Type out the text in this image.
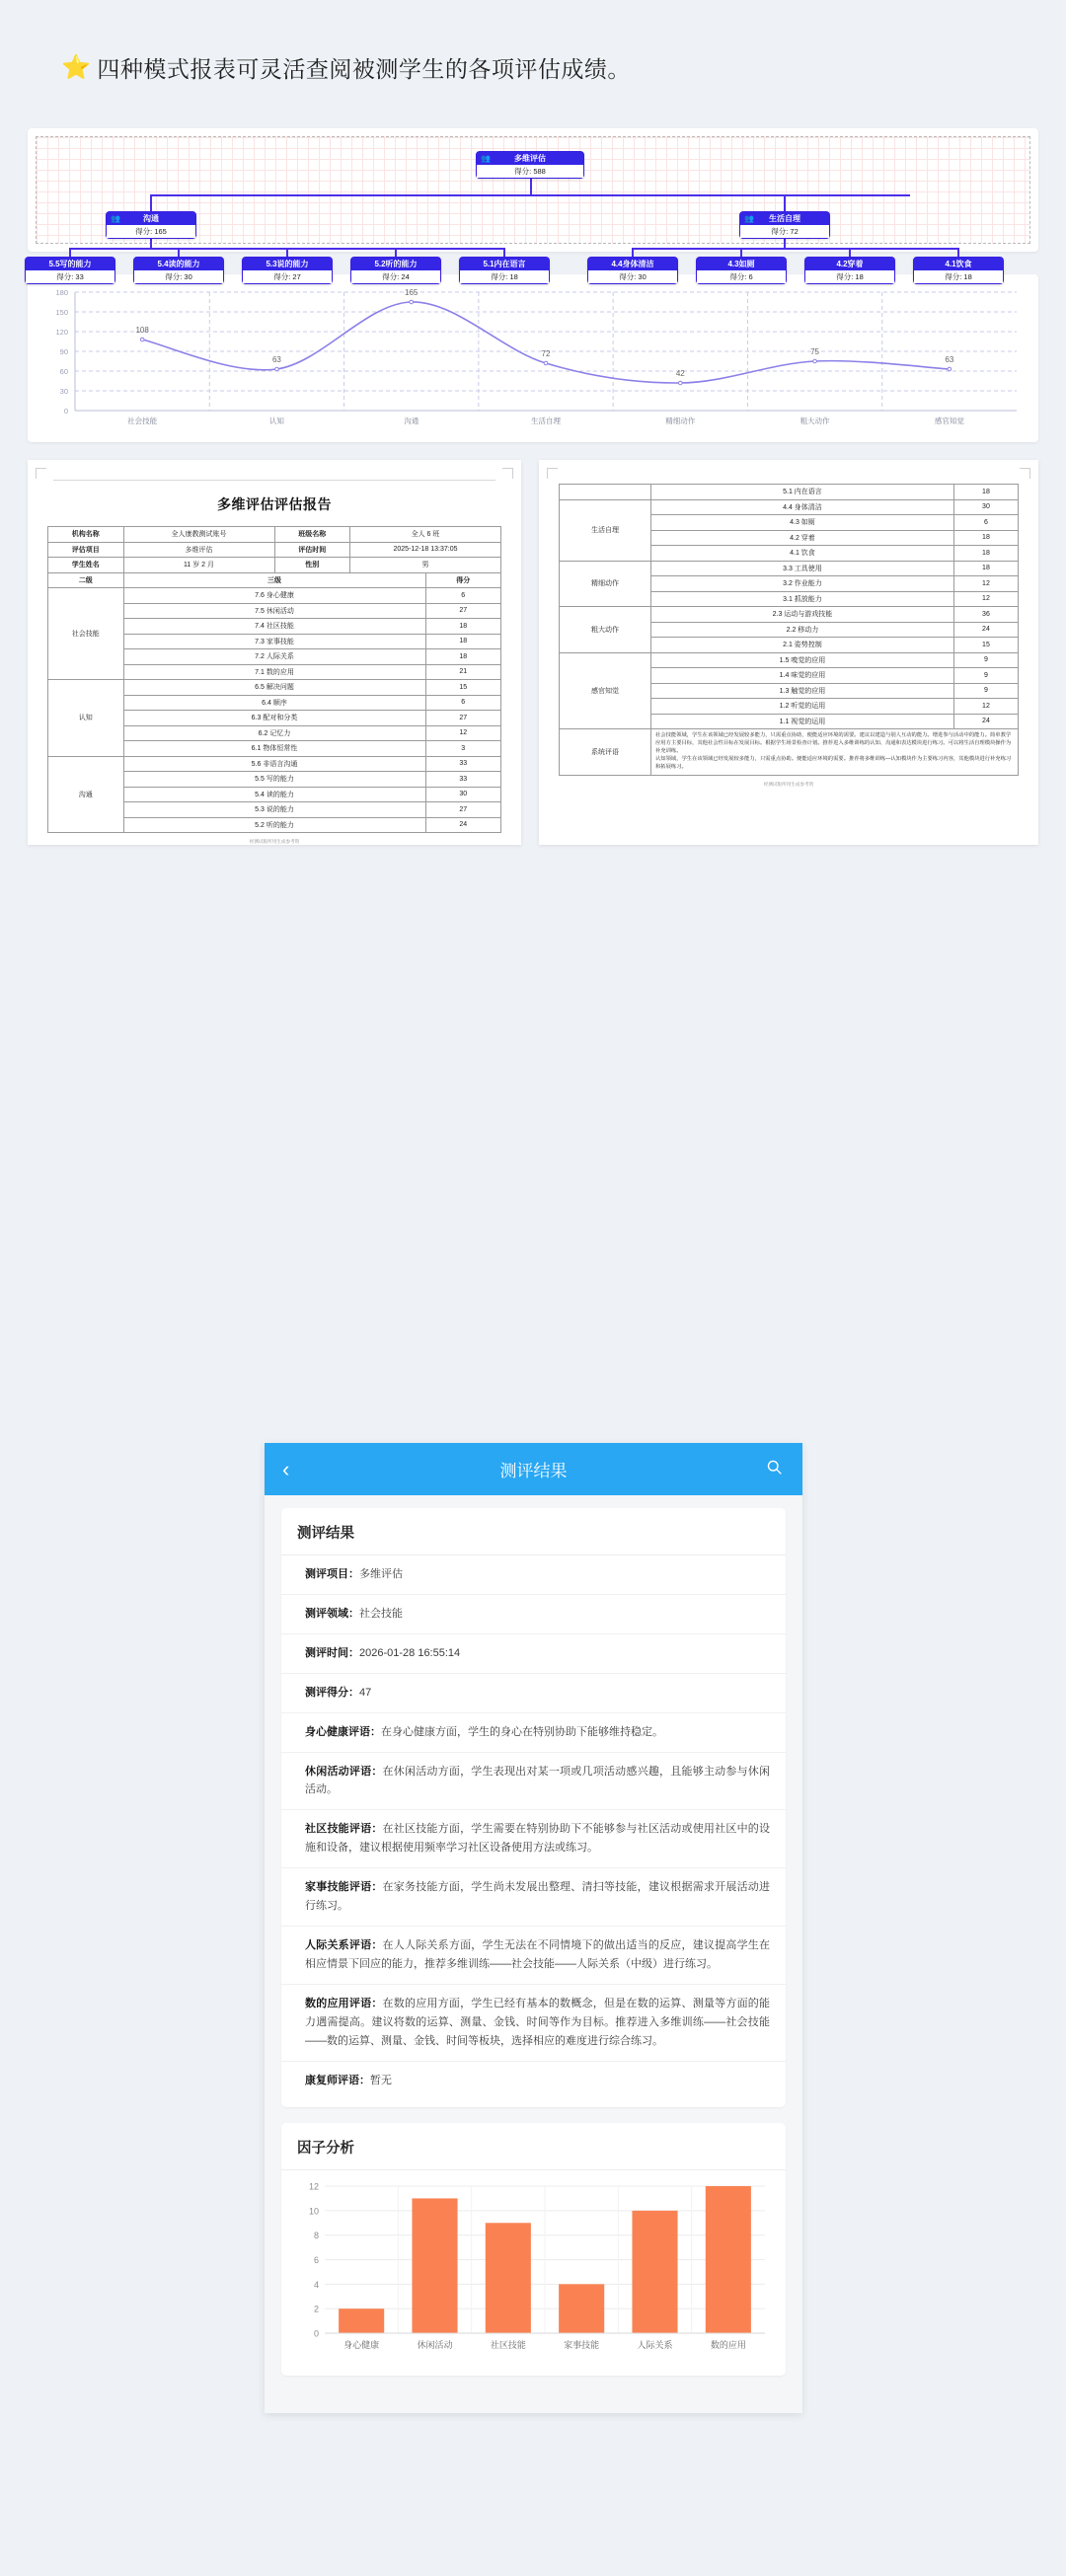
⭐ 四种模式报表可灵活查阅被测学生的各项评估成绩。
👥	多维评估
得分: 588
👥	沟通
得分: 165
👥 生活自理
得分: 72
5.5写的能力
得分: 33
5.4读的能力
得分: 30
5.3说的能力
得分: 27
5.2听的能力
得分: 24
5.1内在语言
得分: 18
4.4身体清洁
得分: 30
4.3如厕
得分: 6
4.2穿着
得分: 18
4.1饮食
得分: 18
0
30
60
90
120
150
180
108
63
165
72
42
75
63
社会技能	认知	沟通	生活自理	精细动作	粗大动作	感官知觉
多维评估评估报告
机构名称	全人康教测试账号	班级名称	全人 6 班	
评估项目	多维评估	评估时间	2025-12-18 13:37:05	
学生姓名	11 岁 2 月	性别	男	
二级	三级			得分
社会技能	7.6 身心健康			6
	7.5 休闲活动			27
	7.4 社区技能			18
	7.3 家事技能			18
	7.2 人际关系			18
	7.1 数的应用			21
认知	6.5 解决问题			15
	6.4 顺序			6
	6.3 配对和分类			27
	6.2 记忆力			12
	6.1 物体恒常性			3
沟通	5.6 非语言沟通			33
	5.5 写的能力			33
	5.4 读的能力			30
	5.3 说的能力			27
	5.2 听的能力			24
经测试版所用生成参考资
	5.1 内在语言	18
生活自理	4.4 身体清洁	30
	4.3 如厕	6
	4.2 穿着	18
	4.1 饮食	18
精细动作	3.3 工具使用	18
	3.2 作业能力	12
	3.1 抓放能力	12
粗大动作	2.3 运动与游戏技能	36
	2.2 移动力	24
	2.1 姿势控制	15
感官知觉	1.5 嗅觉的应用	9
	1.4 味觉的应用	9
	1.3 触觉的应用	9
	1.2 听觉的运用	12
	1.1 视觉的运用	24
系统评语	社会技能领域，学生在该领域已经发展较多能力，只需重点协助，便能适应环境的需要。建议以建造与别人互动的能力。增进参与活动中的能力。简单教学应用方主要目标，其他社会性目标在发展目标。根据学生场景检查计划。推荐进入多维训练的认知、沟通和表达模块进行练习。可以将生活自理模块操作为补充训练。
认知领域，学生在该领域已经发展较多能力，只需重点协助。便能适应环境的需要。推荐将多维训练—认知模块作为主要练习内容，其他模块进行补充练习和拓展练习。	
经测试版所用生成参考资
‹	测评结果
测评结果
测评项目：多维评估
测评领域：社会技能
测评时间：2026-01-28 16:55:14
测评得分：47
身心健康评语：在身心健康方面，学生的身心在特别协助下能够维持稳定。
休闲活动评语：在休闲活动方面，学生表现出对某一项或几项活动感兴趣，且能够主动参与休闲活动。
社区技能评语：在社区技能方面，学生需要在特别协助下不能够参与社区活动或使用社区中的设施和设备，建议根据使用频率学习社区设备使用方法或练习。
家事技能评语：在家务技能方面，学生尚未发展出整理、清扫等技能，建议根据需求开展活动进行练习。
人际关系评语：在人人际关系方面，学生无法在不同情境下的做出适当的反应，建议提高学生在相应情景下回应的能力，推荐多维训练——社会技能——人际关系（中级）进行练习。
数的应用评语：在数的应用方面，学生已经有基本的数概念，但是在数的运算、测量等方面的能力遇需提高。建议将数的运算、测量、金钱、时间等作为目标。推荐进入多维训练——社会技能——数的运算、测量、金钱、时间等板块，选择相应的难度进行综合练习。
康复师评语：暂无
因子分析
0
2
4
6
8
10
12
身心健康	休闲活动	社区技能	家事技能	人际关系	数的应用
